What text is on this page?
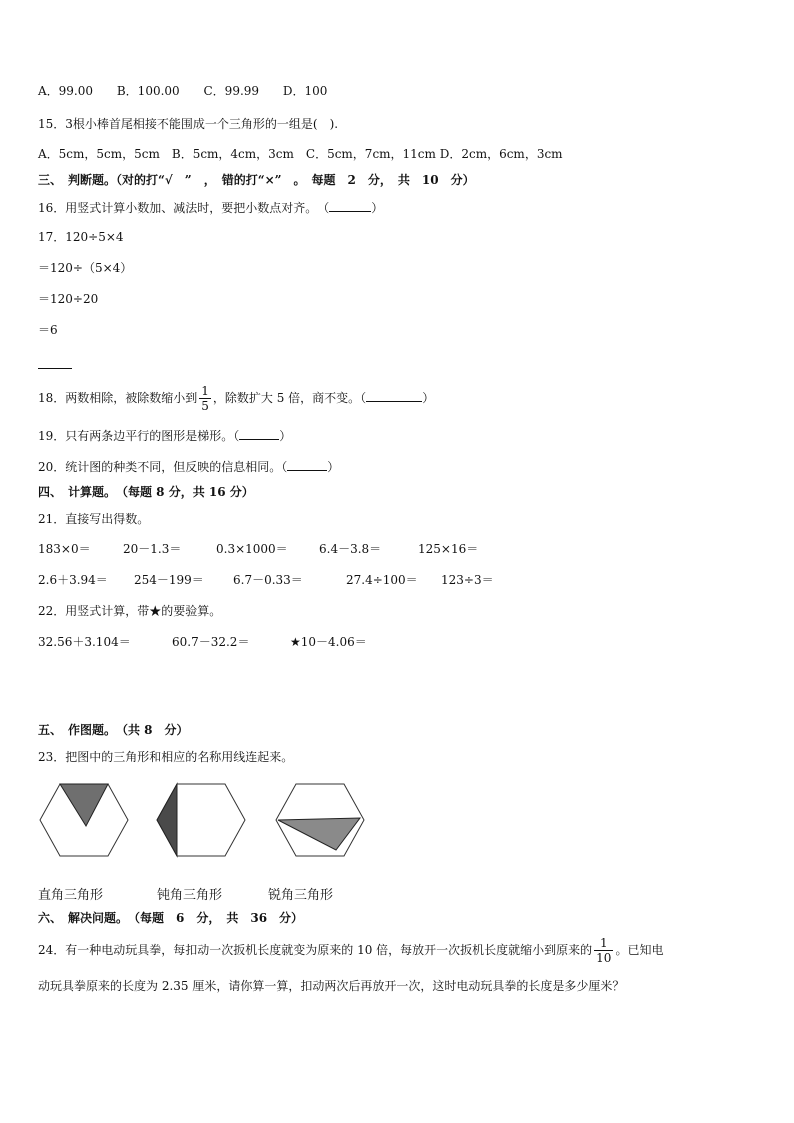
A．99.00 B．100.00 C．99.99 D．100
15．3根小棒首尾相接不能围成一个三角形的一组是(　).
A．5cm，5cm，5cm　B．5cm，4cm，3cm　C．5cm，7cm，11cm D．2cm，6cm，3cm
三、　判断题。（对的打“√　”　，　错的打“×”　。　每题　2　分，　共　10　分）
16．用竖式计算小数加、减法时，要把小数点对齐。　（	）
17．120÷5×4
＝120÷（5×4）
＝120÷20
＝6
18．两数相除，被除数缩小到 $\frac{1}{5}$ ，除数扩大 5 倍，商不变。（	）
19．只有两条边平行的图形是梯形。（	）
20．统计图的种类不同，但反映的信息相同。（	）
四、　计算题。　（每题 8 分，共 16 分）
21．直接写出得数。
183×0＝	20－1.3＝	0.3×1000＝	6.4－3.8＝	125×16＝
2.6＋3.94＝ 254－199＝ 6.7－0.33＝	27.4÷100＝ 123÷3＝
22．用竖式计算，带★的要验算。
32.56＋3.104＝	60.7－32.2＝	★10－4.06＝
五、　作图题。　（共 8　分）
23．把图中的三角形和相应的名称用线连起来。
直角三角形	钝角三角形	锐角三角形
六、　解决问题。　（每题　6　分，　共　36　分）
24．有一种电动玩具拳，每扣动一次扳机长度就变为原来的 10 倍，每放开一次扳机长度就缩小到原来的 $\frac{1}{10}$ 。已知电
动玩具拳原来的长度为 2.35 厘米，请你算一算，扣动两次后再放开一次，这时电动玩具拳的长度是多少厘米？
